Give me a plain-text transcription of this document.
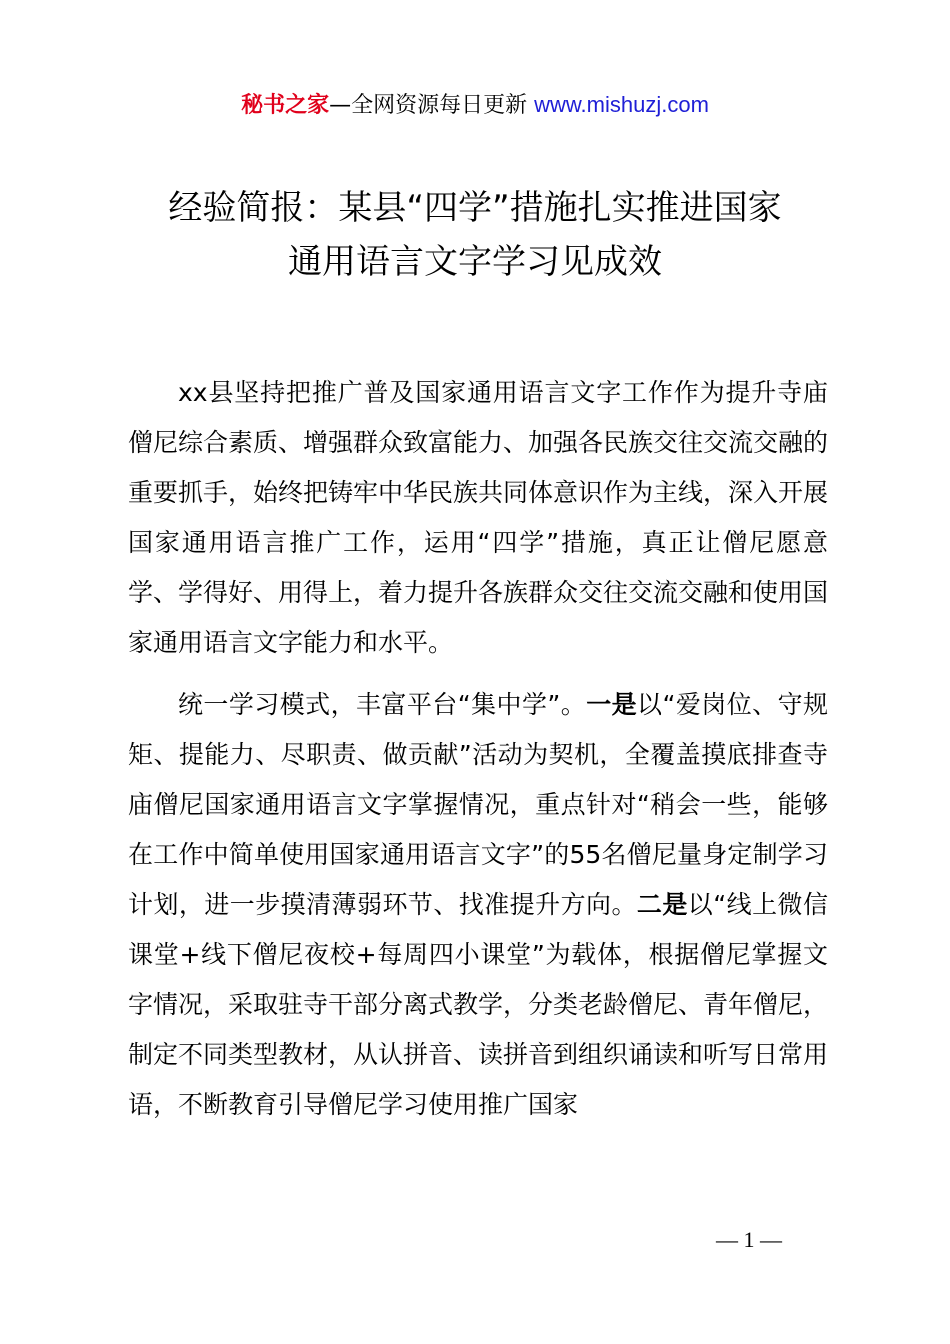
秘书之家—全网资源每日更新 www.mishuzj.com
经验简报：某县“四学”措施扎实推进国家
通用语言文字学习见成效

xx县坚持把推广普及国家通用语言文字工作作为提升寺庙僧尼综合素质、增强群众致富能力、加强各民族交往交流交融的重要抓手，始终把铸牢中华民族共同体意识作为主线，深入开展国家通用语言推广工作，运用“四学”措施，真正让僧尼愿意学、学得好、用得上，着力提升各族群众交往交流交融和使用国家通用语言文字能力和水平。

统一学习模式，丰富平台“集中学”。一是以“爱岗位、守规矩、提能力、尽职责、做贡献”活动为契机，全覆盖摸底排查寺庙僧尼国家通用语言文字掌握情况，重点针对“稍会一些，能够在工作中简单使用国家通用语言文字”的55名僧尼量身定制学习计划，进一步摸清薄弱环节、找准提升方向。二是以“线上微信课堂+线下僧尼夜校+每周四小课堂”为载体，根据僧尼掌握文字情况，采取驻寺干部分离式教学，分类老龄僧尼、青年僧尼，制定不同类型教材，从认拼音、读拼音到组织诵读和听写日常用语，不断教育引导僧尼学习使用推广国家

— 1 —
